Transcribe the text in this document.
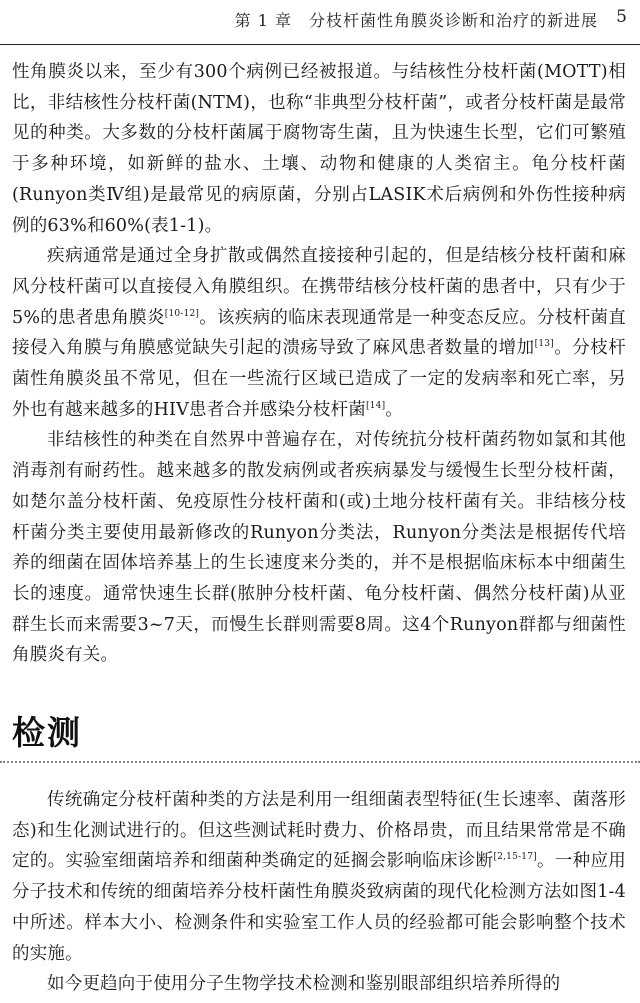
第 1 章　分枝杆菌性角膜炎诊断和治疗的新进展 5

性角膜炎以来，至少有300个病例已经被报道。与结核性分枝杆菌(MOTT)相比，非结核性分枝杆菌(NTM)，也称“非典型分枝杆菌”，或者分枝杆菌是最常见的种类。大多数的分枝杆菌属于腐物寄生菌，且为快速生长型，它们可繁殖于多种环境，如新鲜的盐水、土壤、动物和健康的人类宿主。龟分枝杆菌(Runyon类Ⅳ组)是最常见的病原菌，分别占LASIK术后病例和外伤性接种病例的63%和60%(表1-1)。

疾病通常是通过全身扩散或偶然直接接种引起的，但是结核分枝杆菌和麻风分枝杆菌可以直接侵入角膜组织。在携带结核分枝杆菌的患者中，只有少于5%的患者患角膜炎[10-12]。该疾病的临床表现通常是一种变态反应。分枝杆菌直接侵入角膜与角膜感觉缺失引起的溃疡导致了麻风患者数量的增加[13]。分枝杆菌性角膜炎虽不常见，但在一些流行区域已造成了一定的发病率和死亡率，另外也有越来越多的HIV患者合并感染分枝杆菌[14]。

非结核性的种类在自然界中普遍存在，对传统抗分枝杆菌药物如氯和其他消毒剂有耐药性。越来越多的散发病例或者疾病暴发与缓慢生长型分枝杆菌，如楚尔盖分枝杆菌、免疫原性分枝杆菌和(或)土地分枝杆菌有关。非结核分枝杆菌分类主要使用最新修改的Runyon分类法，Runyon分类法是根据传代培养的细菌在固体培养基上的生长速度来分类的，并不是根据临床标本中细菌生长的速度。通常快速生长群(脓肿分枝杆菌、龟分枝杆菌、偶然分枝杆菌)从亚群生长而来需要3~7天，而慢生长群则需要8周。这4个Runyon群都与细菌性角膜炎有关。

检测

传统确定分枝杆菌种类的方法是利用一组细菌表型特征(生长速率、菌落形态)和生化测试进行的。但这些测试耗时费力、价格昂贵，而且结果常常是不确定的。实验室细菌培养和细菌种类确定的延搁会影响临床诊断[2,15-17]。一种应用分子技术和传统的细菌培养分枝杆菌性角膜炎致病菌的现代化检测方法如图1-4中所述。样本大小、检测条件和实验室工作人员的经验都可能会影响整个技术的实施。

如今更趋向于使用分子生物学技术检测和鉴别眼部组织培养所得的
